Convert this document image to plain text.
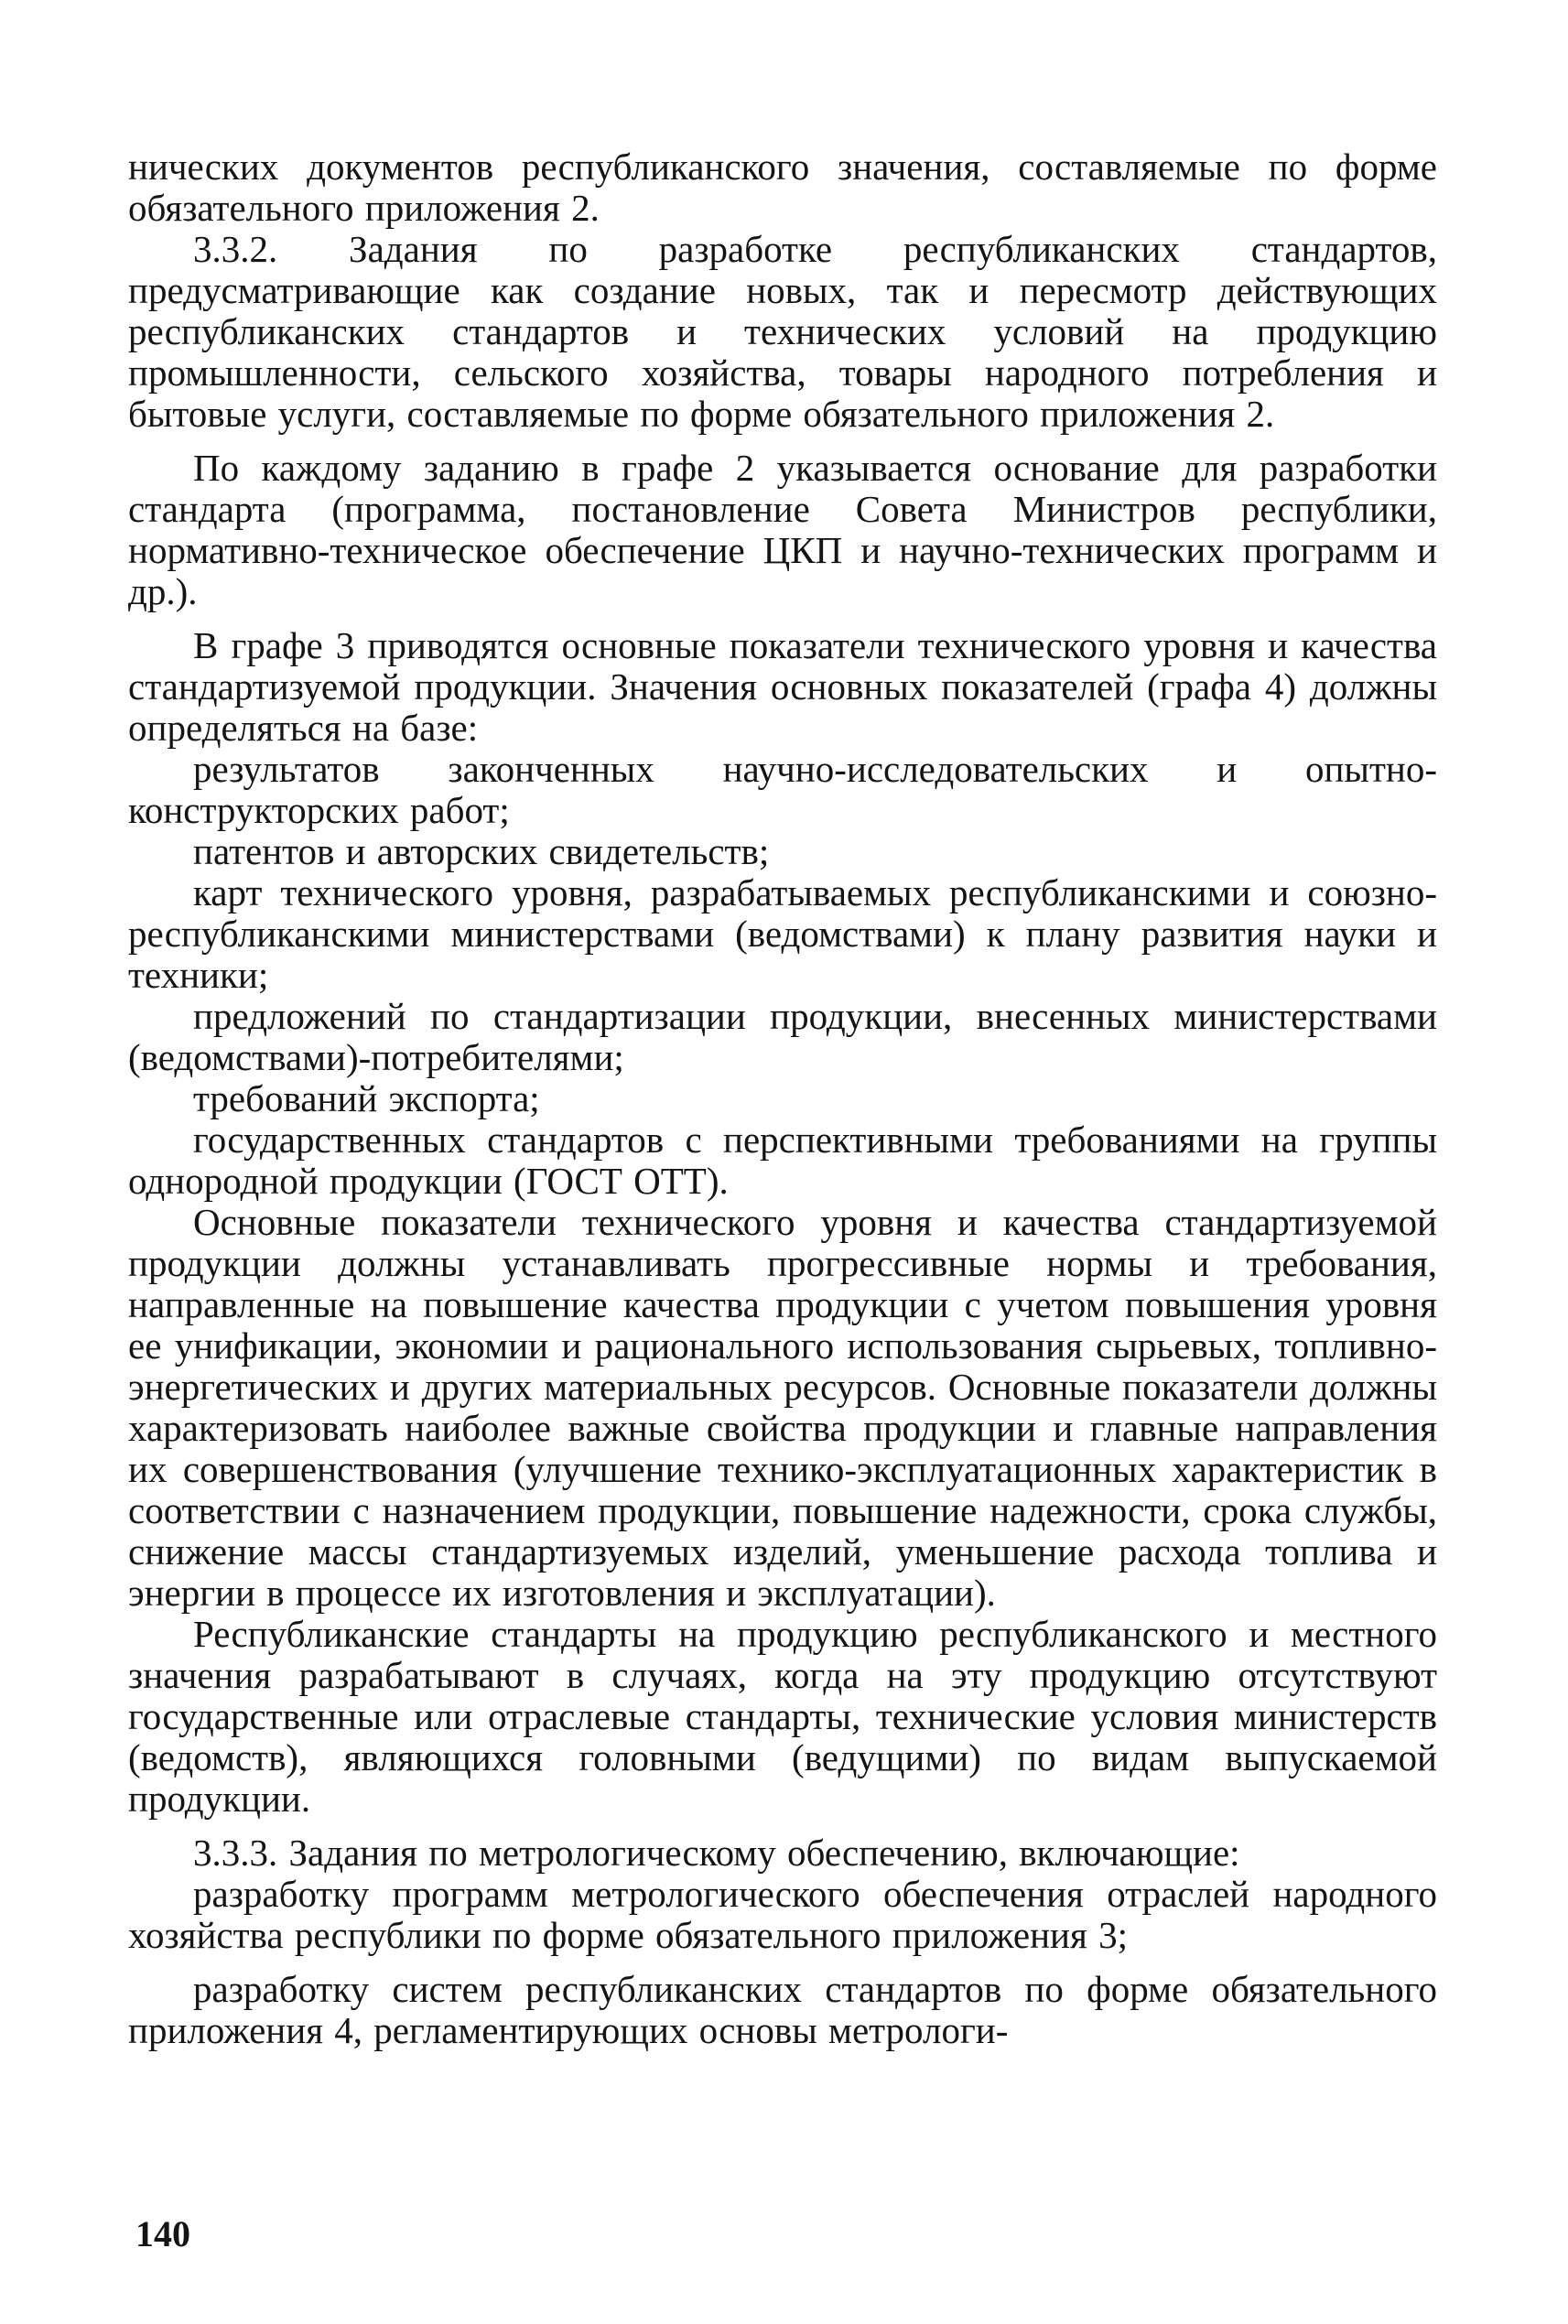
нических документов республиканского значения, составляемые по форме обязательного приложения 2.

3.3.2. Задания по разработке республиканских стандартов, предусматривающие как создание новых, так и пересмотр действующих республиканских стандартов и технических условий на продукцию промышленности, сельского хозяйства, товары народного потребления и бытовые услуги, составляемые по форме обязательного приложения 2.

По каждому заданию в графе 2 указывается основание для разработки стандарта (программа, постановление Совета Министров республики, нормативно-техническое обеспечение ЦКП и научно-технических программ и др.).

В графе 3 приводятся основные показатели технического уровня и качества стандартизуемой продукции. Значения основных показателей (графа 4) должны определяться на базе:

результатов законченных научно-исследовательских и опытно-конструкторских работ;

патентов и авторских свидетельств;

карт технического уровня, разрабатываемых республиканскими и союзно-республиканскими министерствами (ведомствами) к плану развития науки и техники;

предложений по стандартизации продукции, внесенных министерствами (ведомствами)-потребителями;

требований экспорта;

государственных стандартов с перспективными требованиями на группы однородной продукции (ГОСТ ОТТ).

Основные показатели технического уровня и качества стандартизуемой продукции должны устанавливать прогрессивные нормы и требования, направленные на повышение качества продукции с учетом повышения уровня ее унификации, экономии и рационального использования сырьевых, топливно-энергетических и других материальных ресурсов. Основные показатели должны характеризовать наиболее важные свойства продукции и главные направления их совершенствования (улучшение технико-эксплуатационных характеристик в соответствии с назначением продукции, повышение надежности, срока службы, снижение массы стандартизуемых изделий, уменьшение расхода топлива и энергии в процессе их изготовления и эксплуатации).

Республиканские стандарты на продукцию республиканского и местного значения разрабатывают в случаях, когда на эту продукцию отсутствуют государственные или отраслевые стандарты, технические условия министерств (ведомств), являющихся головными (ведущими) по видам выпускаемой продукции.

3.3.3. Задания по метрологическому обеспечению, включающие:

разработку программ метрологического обеспечения отраслей народного хозяйства республики по форме обязательного приложения 3;

разработку систем республиканских стандартов по форме обязательного приложения 4, регламентирующих основы метрологи-

140
